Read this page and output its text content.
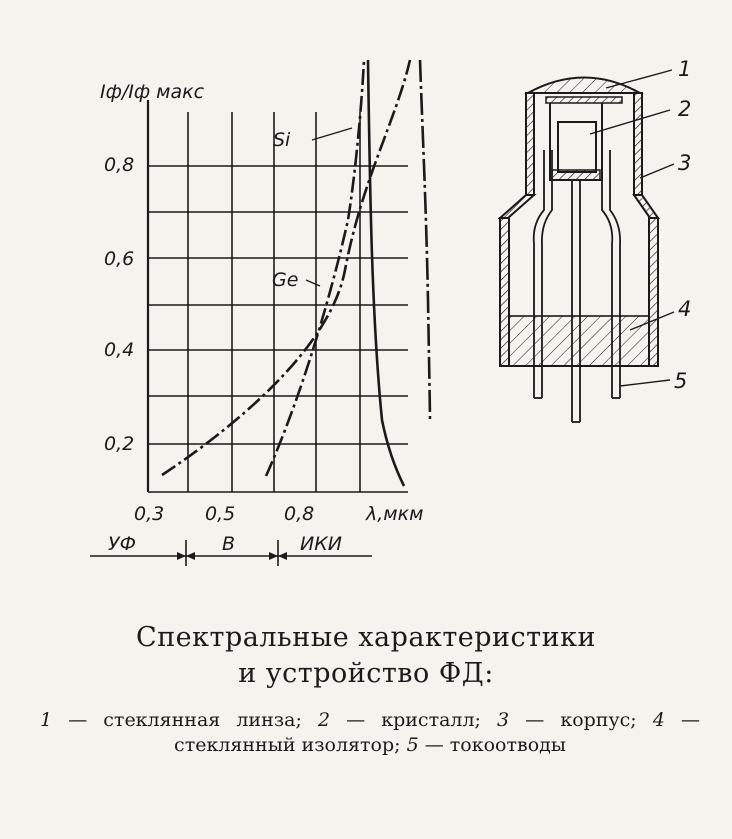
Si
Ge
Iф/Iф макс
λ,мкм
0,8
0,6
0,4
0,2
0,3 0,5	0,8
УФ	В	ИКИ
1
2
3
4
5
Спектральные характеристики
и устройство ФД:
1 — стеклянная линза; 2 — кристалл; 3 — корпус; 4 — стеклянный изолятор; 5 — токоотводы
